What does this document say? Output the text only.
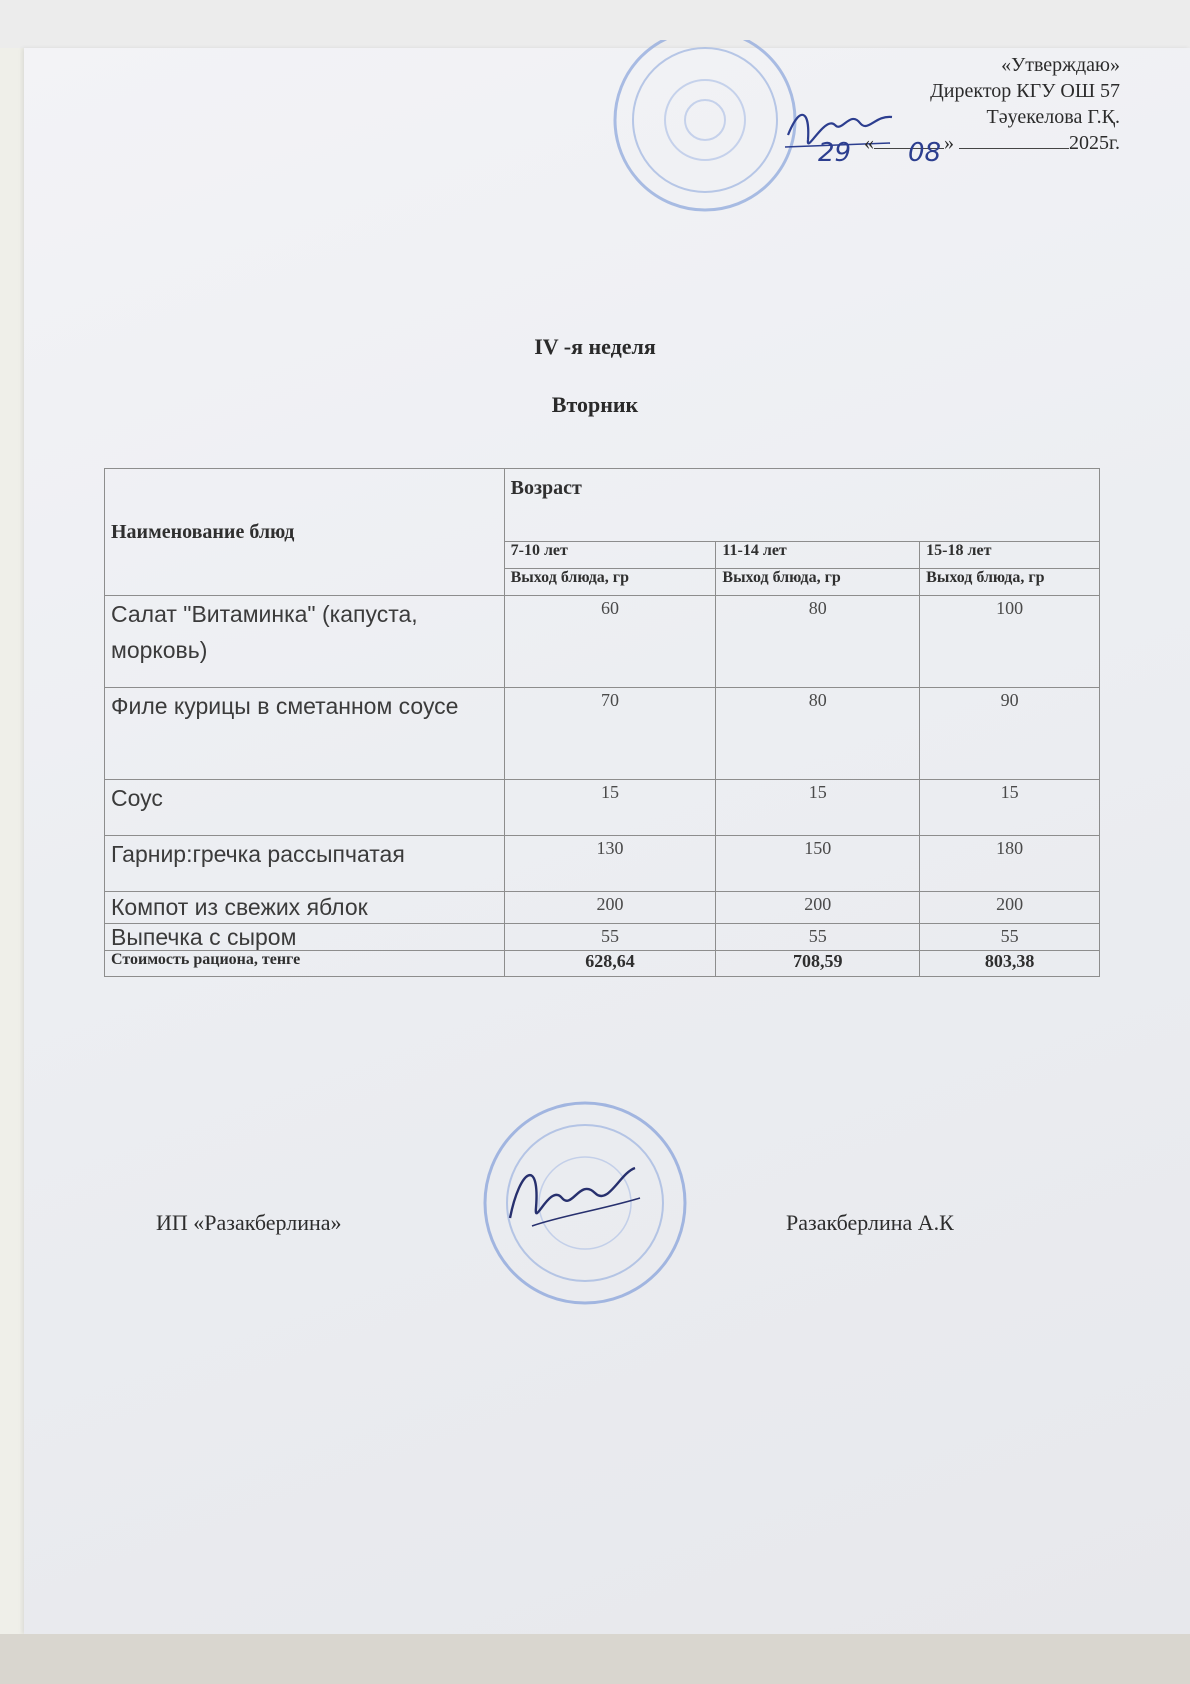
«Утверждаю»
Директор КГУ ОШ 57
Тәуекелова Г.Қ.
«	»	2025г.
29 08
IV -я неделя
Вторник
Наименование блюд	Возраст		
	7-10 лет	11-14 лет	15-18 лет
	Выход блюда, гр	Выход блюда, гр	Выход блюда, гр
Салат "Витаминка" (капуста, морковь)	60	80	100
Филе курицы в сметанном соусе	70	80	90
Соус	15	15	15
Гарнир:гречка рассыпчатая	130	150	180
Компот из свежих яблок	200	200	200
Выпечка с сыром	55	55	55
Стоимость рациона, тенге	628,64	708,59	803,38
ИП «Разакберлина»	Разакберлина А.К
